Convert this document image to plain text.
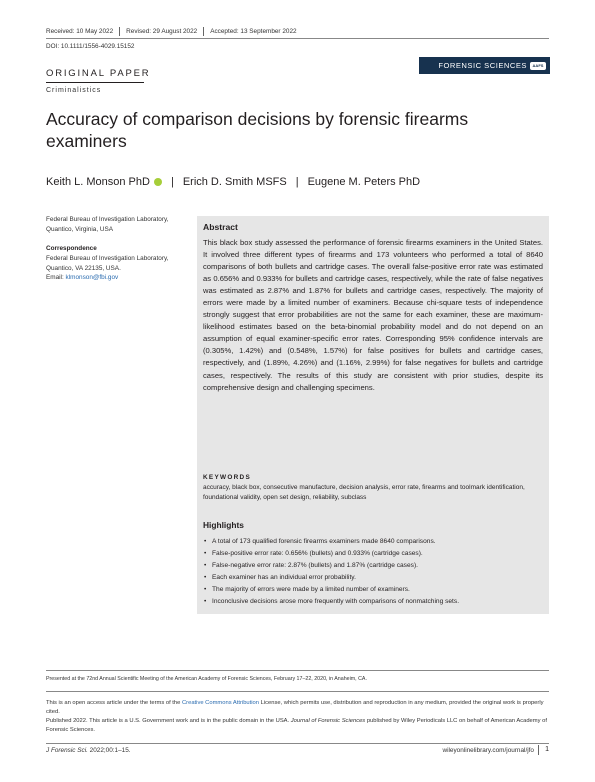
Received: 10 May 2022 Revised: 29 August 2022 Accepted: 13 September 2022
DOI: 10.1111/1556-4029.15152
ORIGINAL PAPER
Criminalistics
FORENSIC SCIENCES AAFS
Accuracy of comparison decisions by forensic firearms examiners
Keith L. Monson PhD | Erich D. Smith MSFS | Eugene M. Peters PhD
Federal Bureau of Investigation Laboratory, Quantico, Virginia, USA
Correspondence
Federal Bureau of Investigation Laboratory, Quantico, VA 22135, USA.
Email: klmonson@fbi.gov
Abstract

This black box study assessed the performance of forensic firearms examiners in the United States. It involved three different types of firearms and 173 volunteers who performed a total of 8640 comparisons of both bullets and cartridge cases. The overall false-positive error rate was estimated as 0.656% and 0.933% for bullets and cartridge cases, respectively, while the rate of false negatives was estimated as 2.87% and 1.87% for bullets and cartridge cases, respectively. The majority of errors were made by a limited number of examiners. Because chi-square tests of independence strongly suggest that error probabilities are not the same for each examiner, these are maximum-likelihood estimates based on the beta-binomial probability model and do not depend on an assumption of equal examiner-specific error rates. Corresponding 95% confidence intervals are (0.305%, 1.42%) and (0.548%, 1.57%) for false positives for bullets and cartridge cases, respectively, and (1.89%, 4.26%) and (1.16%, 2.99%) for false negatives for bullets and cartridge cases, respectively. The results of this study are consistent with prior studies, despite its comprehensive design and challenging specimens.

KEYWORDS

accuracy, black box, consecutive manufacture, decision analysis, error rate, firearms and toolmark identification, foundational validity, open set design, reliability, subclass

Highlights
• A total of 173 qualified forensic firearms examiners made 8640 comparisons.
• False-positive error rate: 0.656% (bullets) and 0.933% (cartridge cases).
• False-negative error rate: 2.87% (bullets) and 1.87% (cartridge cases).
• Each examiner has an individual error probability.
• The majority of errors were made by a limited number of examiners.
• Inconclusive decisions arose more frequently with comparisons of nonmatching sets.
Presented at the 72nd Annual Scientific Meeting of the American Academy of Forensic Sciences, February 17–22, 2020, in Anaheim, CA.
This is an open access article under the terms of the Creative Commons Attribution License, which permits use, distribution and reproduction in any medium, provided the original work is properly cited.
Published 2022. This article is a U.S. Government work and is in the public domain in the USA. Journal of Forensic Sciences published by Wiley Periodicals LLC on behalf of American Academy of Forensic Sciences.
J Forensic Sci. 2022;00:1–15.	wileyonlinelibrary.com/journal/jfo	1
